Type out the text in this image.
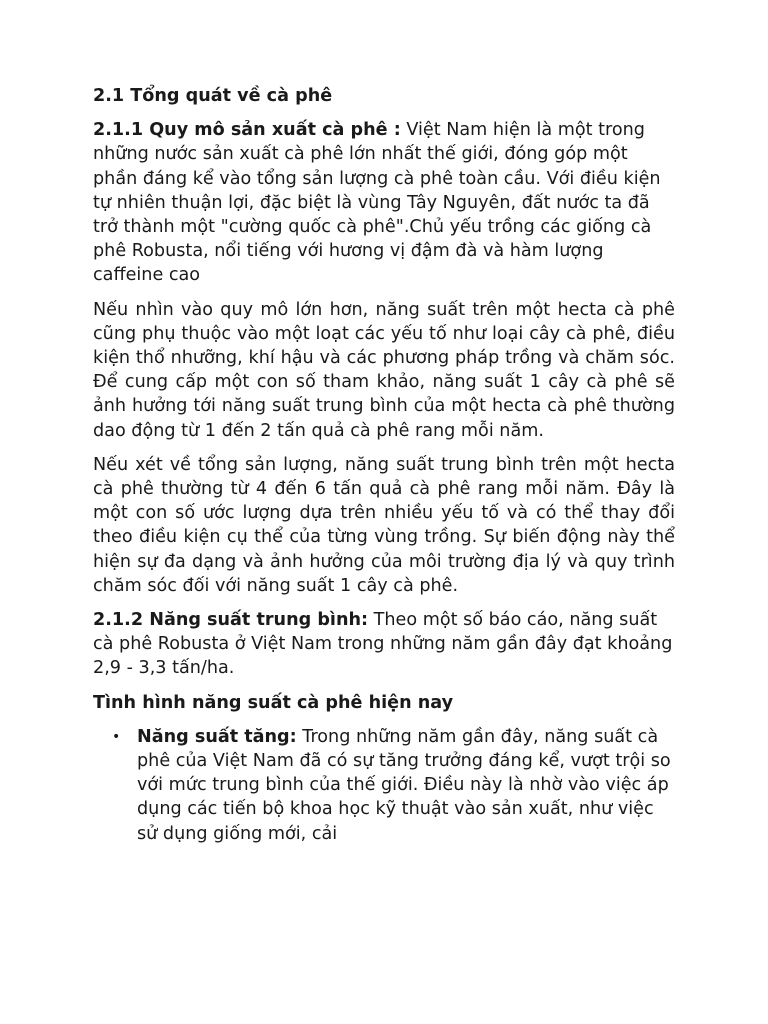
2.1 Tổng quát về cà phê

2.1.1 Quy mô sản xuất cà phê : Việt Nam hiện là một trong những nước sản xuất cà phê lớn nhất thế giới, đóng góp một phần đáng kể vào tổng sản lượng cà phê toàn cầu. Với điều kiện tự nhiên thuận lợi, đặc biệt là vùng Tây Nguyên, đất nước ta đã trở thành một "cường quốc cà phê".Chủ yếu trồng các giống cà phê Robusta, nổi tiếng với hương vị đậm đà và hàm lượng caffeine cao

Nếu nhìn vào quy mô lớn hơn, năng suất trên một hecta cà phê cũng phụ thuộc vào một loạt các yếu tố như loại cây cà phê, điều kiện thổ nhưỡng, khí hậu và các phương pháp trồng và chăm sóc. Để cung cấp một con số tham khảo, năng suất 1 cây cà phê sẽ ảnh hưởng tới năng suất trung bình của một hecta cà phê thường dao động từ 1 đến 2 tấn quả cà phê rang mỗi năm.

Nếu xét về tổng sản lượng, năng suất trung bình trên một hecta cà phê thường từ 4 đến 6 tấn quả cà phê rang mỗi năm. Đây là một con số ước lượng dựa trên nhiều yếu tố và có thể thay đổi theo điều kiện cụ thể của từng vùng trồng. Sự biến động này thể hiện sự đa dạng và ảnh hưởng của môi trường địa lý và quy trình chăm sóc đối với năng suất 1 cây cà phê.

2.1.2 Năng suất trung bình: Theo một số báo cáo, năng suất cà phê Robusta ở Việt Nam trong những năm gần đây đạt khoảng 2,9 - 3,3 tấn/ha.

Tình hình năng suất cà phê hiện nay
• Năng suất tăng: Trong những năm gần đây, năng suất cà phê của Việt Nam đã có sự tăng trưởng đáng kể, vượt trội so với mức trung bình của thế giới. Điều này là nhờ vào việc áp dụng các tiến bộ khoa học kỹ thuật vào sản xuất, như việc sử dụng giống mới, cải
